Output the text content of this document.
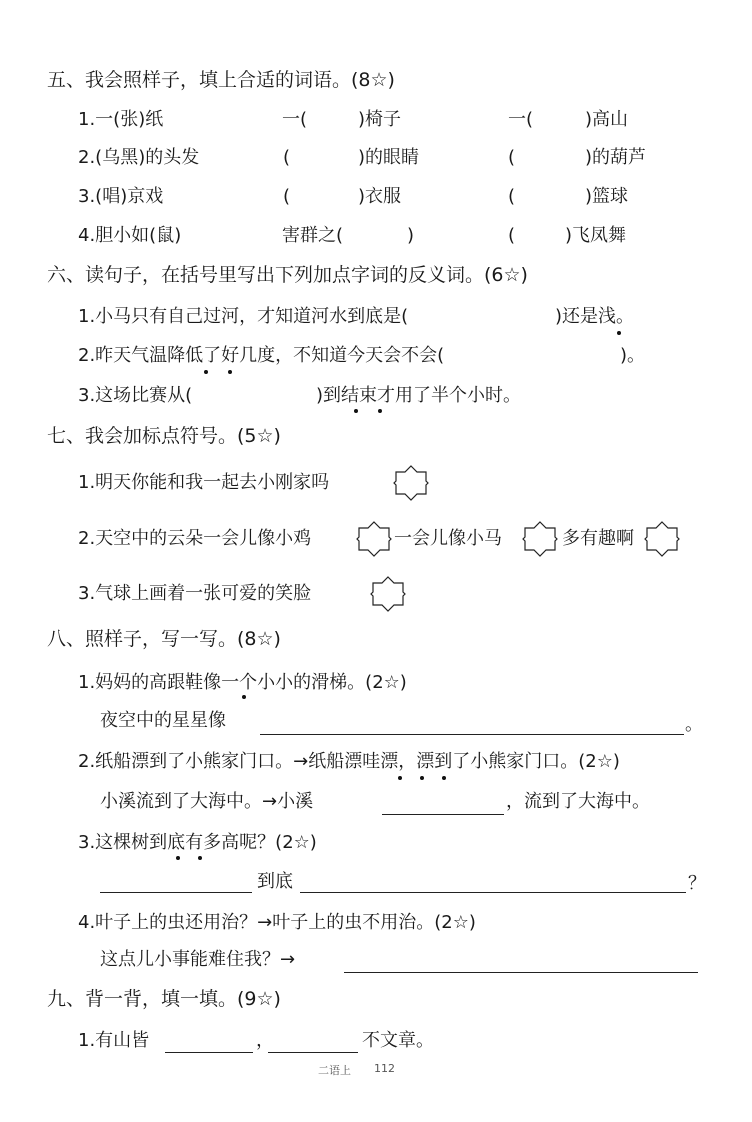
五、我会照样子，填上合适的词语。(8☆)
1.一(张)纸	一(	)椅子	一(	)高山
2.(乌黑)的头发	(	)的眼睛	(	)的葫芦
3.(唱)京戏	(	)衣服	(	)篮球
4.胆小如(鼠)	害群之(	)	(	)飞凤舞
六、读句子，在括号里写出下列加点字词的反义词。(6☆)
1.小马只有自己过河，才知道河水到底是(	)还是浅。
2.昨天气温降低了好几度，不知道今天会不会(	)。
3.这场比赛从(	)到结束才用了半个小时。
七、我会加标点符号。(5☆)
1.明天你能和我一起去小刚家吗
2.天空中的云朵一会儿像小鸡	一会儿像小马	多有趣啊
3.气球上画着一张可爱的笑脸
八、照样子，写一写。(8☆)
1.妈妈的高跟鞋像一个小小的滑梯。(2☆)
夜空中的星星像	。
2.纸船漂到了小熊家门口。→纸船漂哇漂，漂到了小熊家门口。(2☆)
小溪流到了大海中。→小溪	，流到了大海中。
3.这棵树到底有多高呢？(2☆)
到底	？
4.叶子上的虫还用治？→叶子上的虫不用治。(2☆)
这点儿小事能难住我？→
九、背一背，填一填。(9☆)
1.有山皆	，	不文章。
二语上 112
